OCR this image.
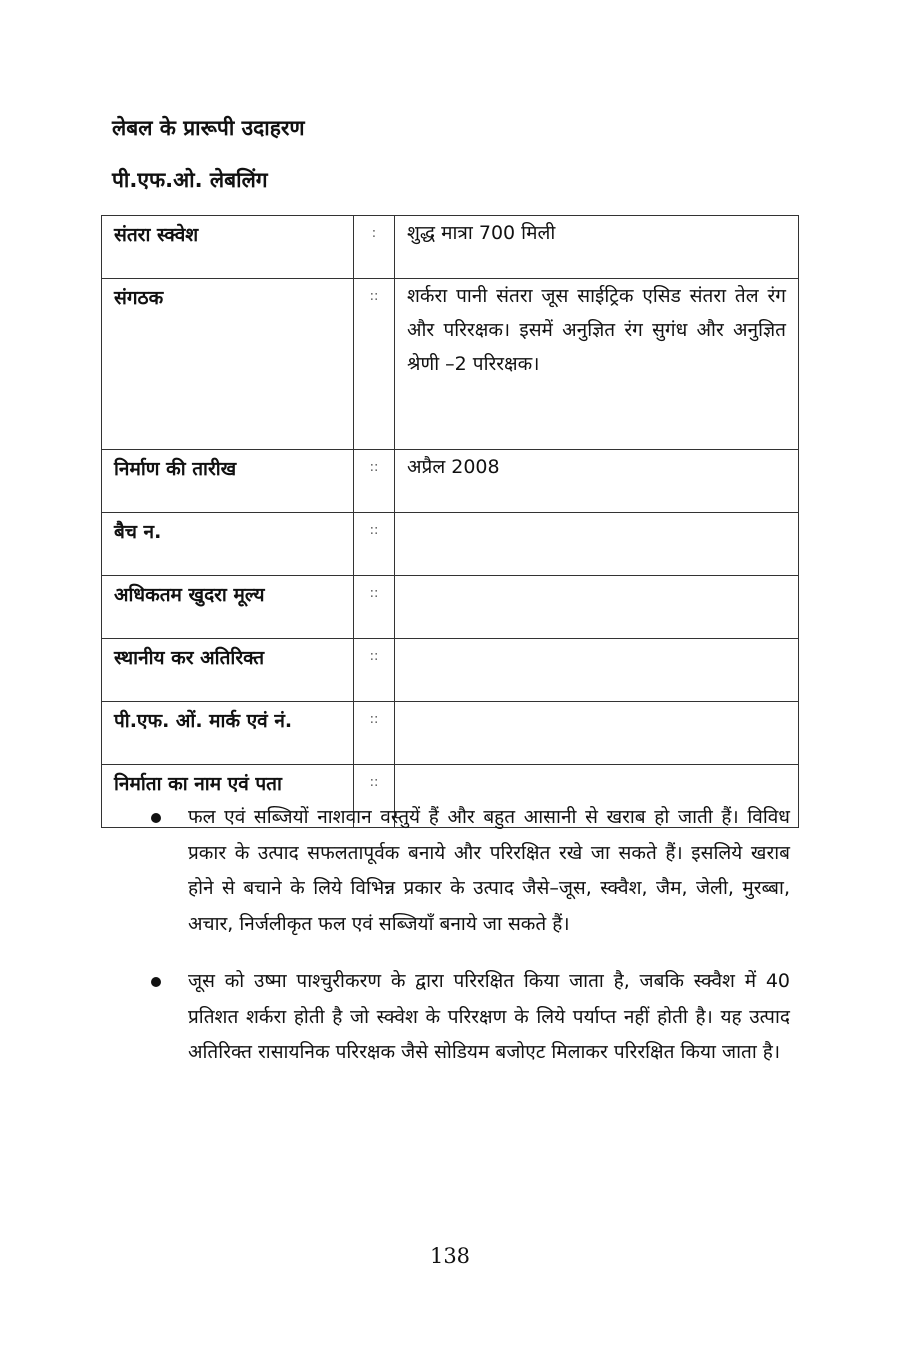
लेबल के प्रारूपी उदाहरण
पी.एफ.ओ. लेबलिंग
संतरा स्क्वेश	:	शुद्ध मात्रा 700 मिली
संगठक	::	शर्करा पानी संतरा जूस साईट्रिक एसिड संतरा तेल रंग और परिरक्षक। इसमें अनुज्ञित रंग सुगंध और अनुज्ञित श्रेणी –2 परिरक्षक।
निर्माण की तारीख	::	अप्रैल 2008
बैच न.	::	
अधिकतम खुदरा मूल्य	::	
स्थानीय कर अतिरिक्त	::	
पी.एफ. ओं. मार्क एवं नं.	::	
निर्माता का नाम एवं पता	::	
फल एवं सब्जियों नाशवान वस्तुयें हैं और बहुत आसानी से खराब हो जाती हैं। विविध प्रकार के उत्पाद सफलतापूर्वक बनाये और परिरक्षित रखे जा सकते हैं। इसलिये खराब होने से बचाने के लिये विभिन्न प्रकार के उत्पाद जैसे–जूस, स्क्वैश, जैम, जेली, मुरब्बा, अचार, निर्जलीकृत फल एवं सब्जियाँ बनाये जा सकते हैं।
जूस को उष्मा पाश्चुरीकरण के द्वारा परिरक्षित किया जाता है, जबकि स्क्वैश में 40 प्रतिशत शर्करा होती है जो स्क्वेश के परिरक्षण के लिये पर्याप्त नहीं होती है। यह उत्पाद अतिरिक्त रासायनिक परिरक्षक जैसे सोडियम बजोएट मिलाकर परिरक्षित किया जाता है।
138
